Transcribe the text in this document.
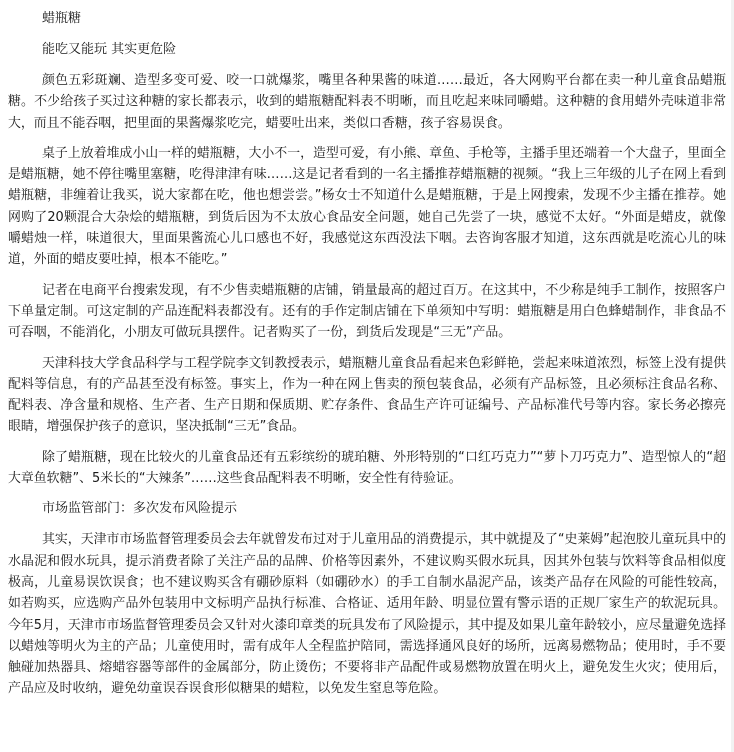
蜡瓶糖
能吃又能玩 其实更危险

颜色五彩斑斓、造型多变可爱、咬一口就爆浆，嘴里各种果酱的味道……最近，各大网购平台都在卖一种儿童食品蜡瓶糖。不少给孩子买过这种糖的家长都表示，收到的蜡瓶糖配料表不明晰，而且吃起来味同嚼蜡。这种糖的食用蜡外壳味道非常大，而且不能吞咽，把里面的果酱爆浆吃完，蜡要吐出来，类似口香糖，孩子容易误食。

桌子上放着堆成小山一样的蜡瓶糖，大小不一，造型可爱，有小熊、章鱼、手枪等，主播手里还端着一个大盘子，里面全是蜡瓶糖，她不停往嘴里塞糖，吃得津津有味……这是记者看到的一名主播推荐蜡瓶糖的视频。“我上三年级的儿子在网上看到蜡瓶糖，非缠着让我买，说大家都在吃，他也想尝尝。”杨女士不知道什么是蜡瓶糖，于是上网搜索，发现不少主播在推荐。她网购了20颗混合大杂烩的蜡瓶糖，到货后因为不太放心食品安全问题，她自己先尝了一块，感觉不太好。“外面是蜡皮，就像嚼蜡烛一样，味道很大，里面果酱流心儿口感也不好，我感觉这东西没法下咽。去咨询客服才知道，这东西就是吃流心儿的味道，外面的蜡皮要吐掉，根本不能吃。”

记者在电商平台搜索发现，有不少售卖蜡瓶糖的店铺，销量最高的超过百万。在这其中，不少称是纯手工制作，按照客户下单量定制。可这定制的产品连配料表都没有。还有的手作定制店铺在下单须知中写明：蜡瓶糖是用白色蜂蜡制作，非食品不可吞咽，不能消化，小朋友可做玩具摆件。记者购买了一份，到货后发现是“三无”产品。

天津科技大学食品科学与工程学院李文钊教授表示，蜡瓶糖儿童食品看起来色彩鲜艳，尝起来味道浓烈，标签上没有提供配料等信息，有的产品甚至没有标签。事实上，作为一种在网上售卖的预包装食品，必须有产品标签，且必须标注食品名称、配料表、净含量和规格、生产者、生产日期和保质期、贮存条件、食品生产许可证编号、产品标准代号等内容。家长务必擦亮眼睛，增强保护孩子的意识，坚决抵制“三无”食品。

除了蜡瓶糖，现在比较火的儿童食品还有五彩缤纷的琥珀糖、外形特别的“口红巧克力”“萝卜刀巧克力”、造型惊人的“超大章鱼软糖”、5米长的“大辣条”……这些食品配料表不明晰，安全性有待验证。

市场监管部门：多次发布风险提示

其实，天津市市场监督管理委员会去年就曾发布过对于儿童用品的消费提示，其中就提及了“史莱姆”起泡胶儿童玩具中的水晶泥和假水玩具，提示消费者除了关注产品的品牌、价格等因素外，不建议购买假水玩具，因其外包装与饮料等食品相似度极高，儿童易误饮误食；也不建议购买含有硼砂原料（如硼砂水）的手工自制水晶泥产品，该类产品存在风险的可能性较高，如若购买，应选购产品外包装用中文标明产品执行标准、合格证、适用年龄、明显位置有警示语的正规厂家生产的软泥玩具。今年5月，天津市市场监督管理委员会又针对火漆印章类的玩具发布了风险提示，其中提及如果儿童年龄较小，应尽量避免选择以蜡烛等明火为主的产品；儿童使用时，需有成年人全程监护陪同，需选择通风良好的场所，远离易燃物品；使用时，手不要触碰加热器具、熔蜡容器等部件的金属部分，防止烫伤；不要将非产品配件或易燃物放置在明火上，避免发生火灾；使用后，产品应及时收纳，避免幼童误吞误食形似糖果的蜡粒，以免发生窒息等危险。
